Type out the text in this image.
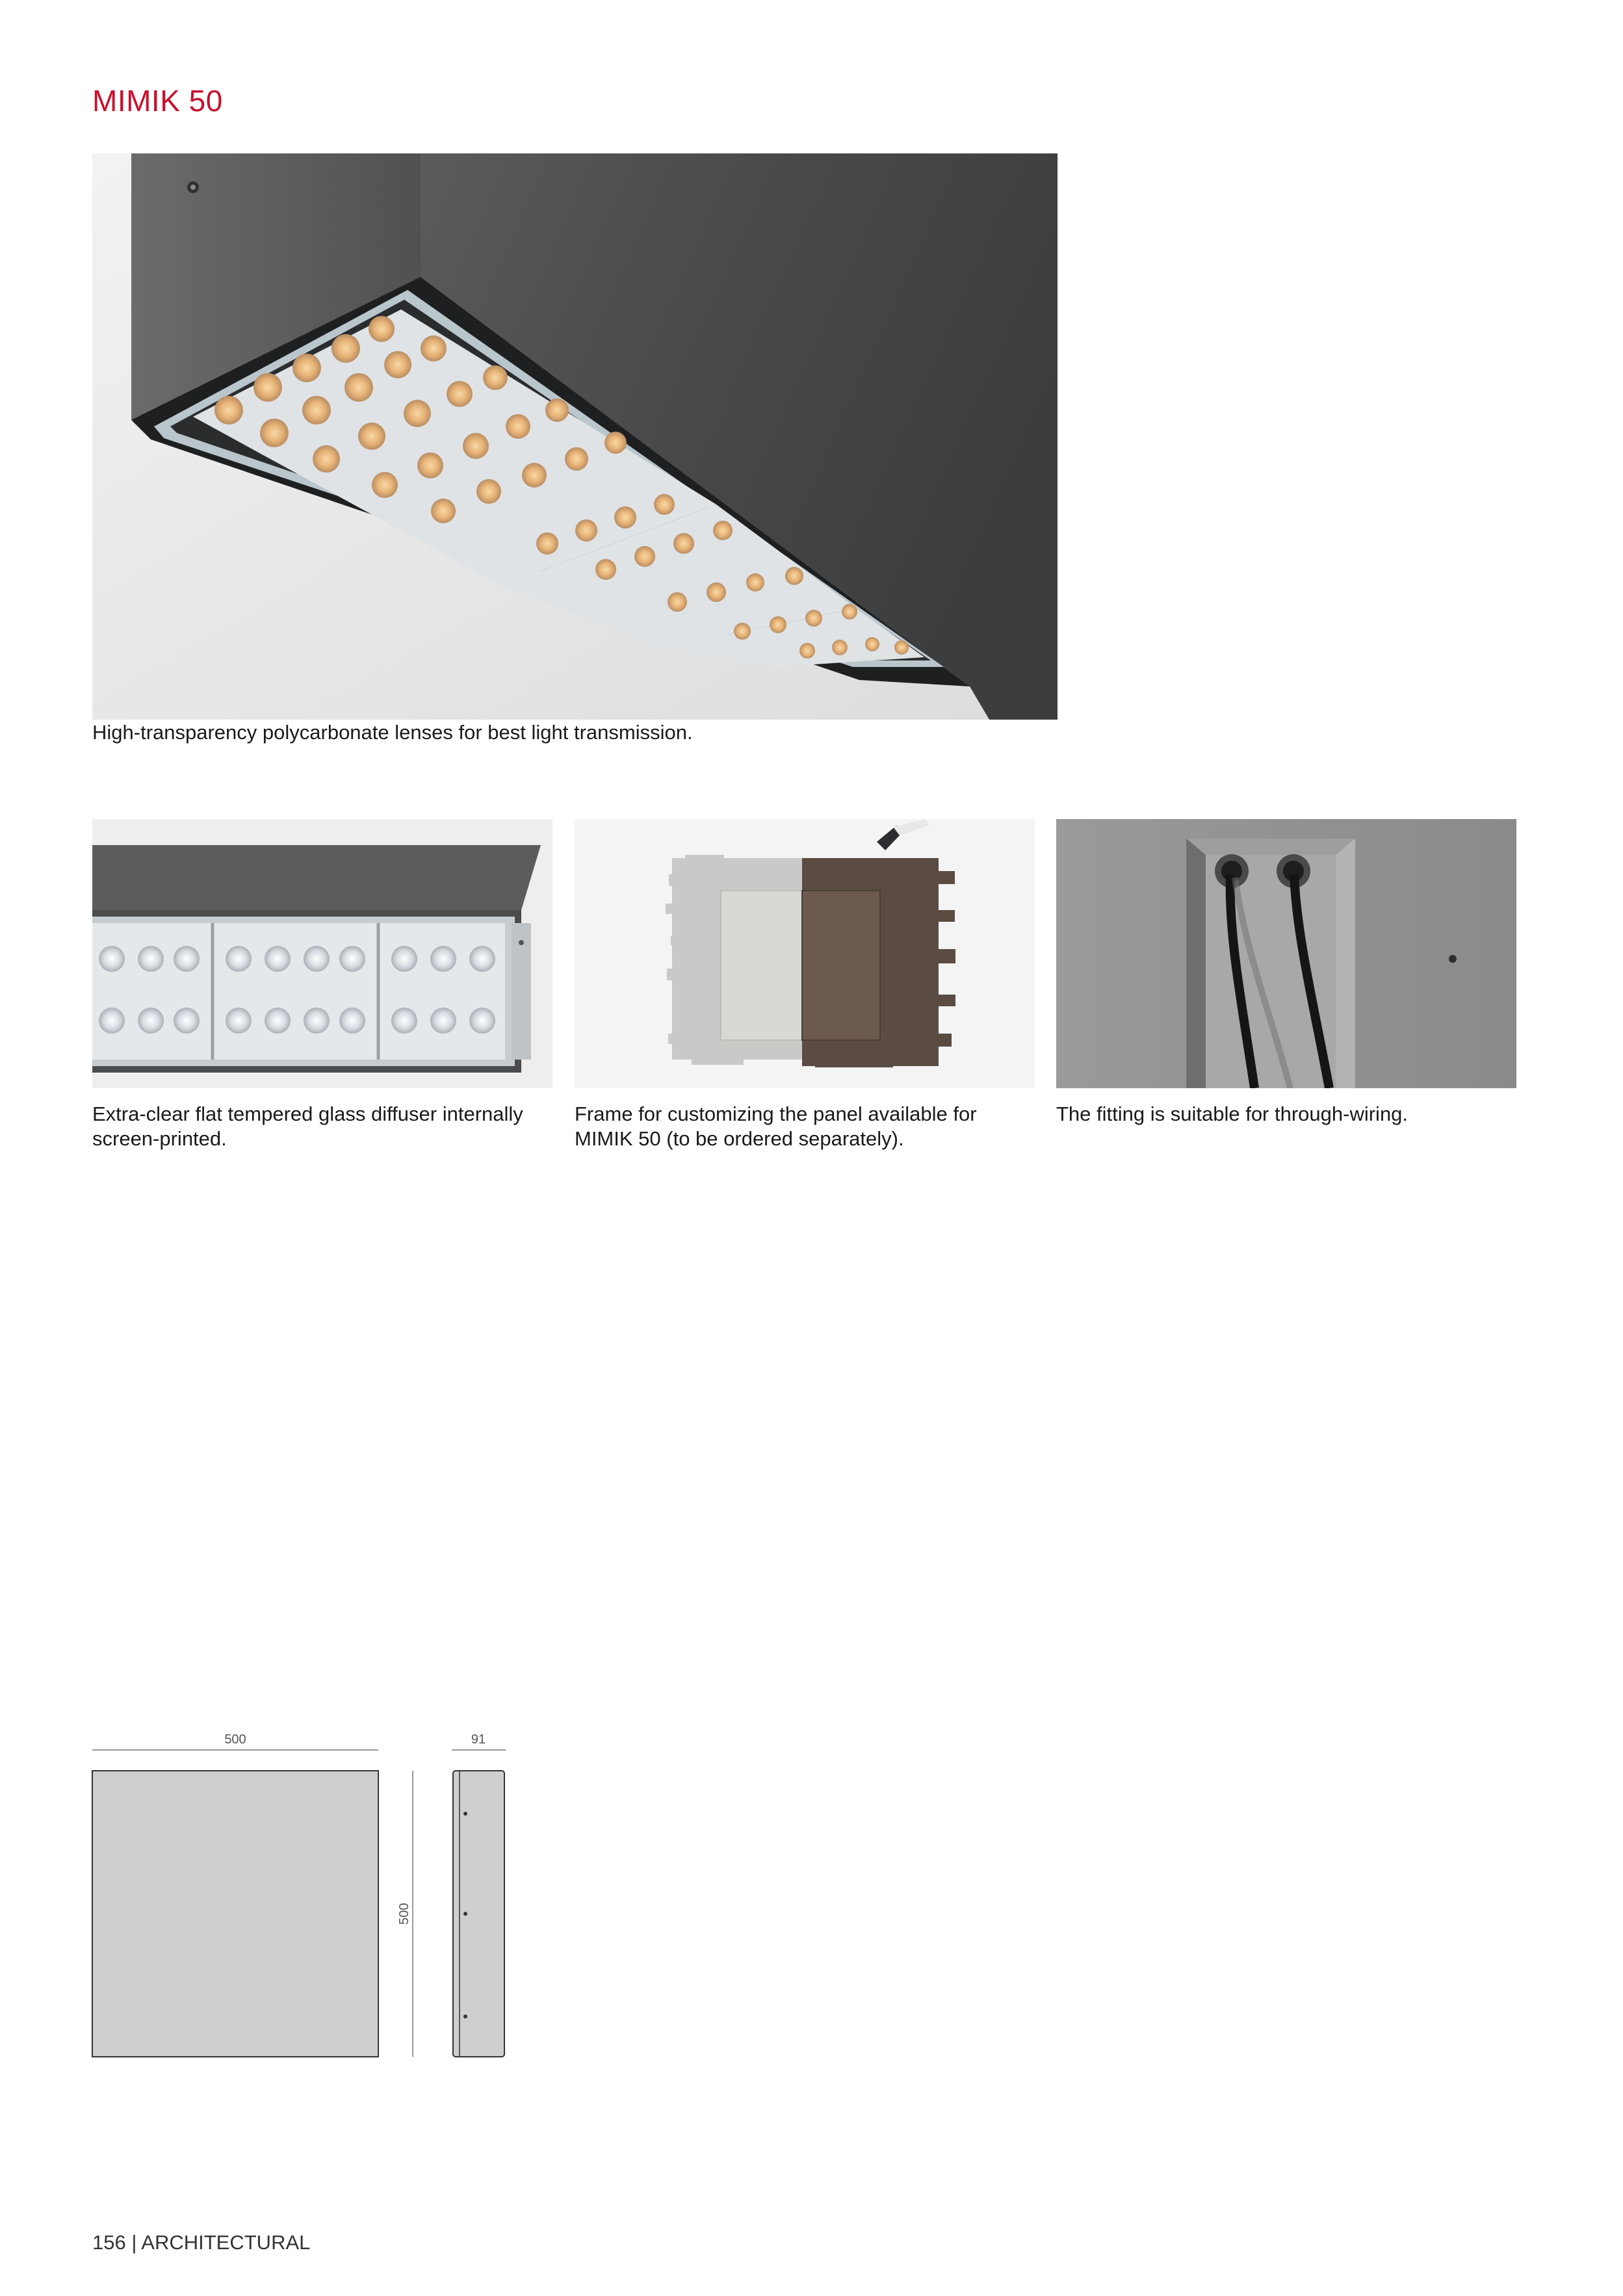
MIMIK 50
High-transparency polycarbonate lenses for best light transmission.
Extra-clear flat tempered glass diffuser internally screen-printed.
Frame for customizing the panel available for MIMIK 50 (to be ordered separately).
The fitting is suitable for through-wiring.
500
500
91
156 | ARCHITECTURAL
